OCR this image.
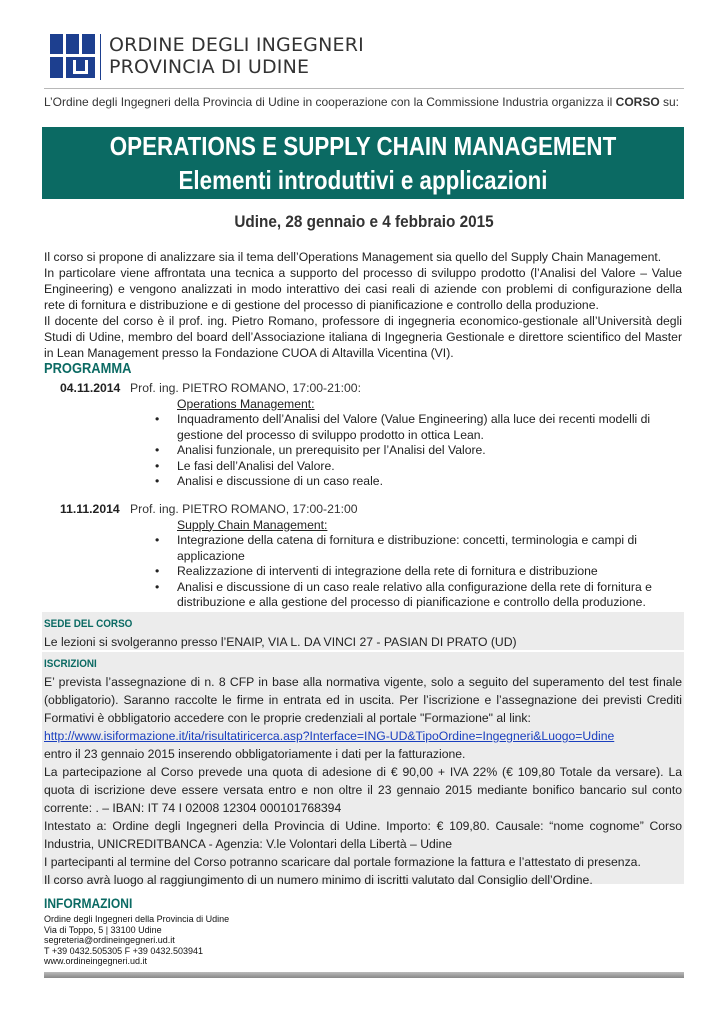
ORDINE DEGLI INGEGNERI
PROVINCIA DI UDINE
L’Ordine degli Ingegneri della Provincia di Udine in cooperazione con la Commissione Industria organizza il CORSO su:
OPERATIONS E SUPPLY CHAIN MANAGEMENT
Elementi introduttivi e applicazioni
Udine, 28 gennaio e 4 febbraio 2015

Il corso si propone di analizzare sia il tema dell’Operations Management sia quello del Supply Chain Management.

In particolare viene affrontata una tecnica a supporto del processo di sviluppo prodotto (l’Analisi del Valore – Value Engineering) e vengono analizzati in modo interattivo dei casi reali di aziende con problemi di configurazione della rete di fornitura e distribuzione e di gestione del processo di pianificazione e controllo della produzione.

Il docente del corso è il prof. ing. Pietro Romano, professore di ingegneria economico-gestionale all’Università degli Studi di Udine, membro del board dell’Associazione italiana di Ingegneria Gestionale e direttore scientifico del Master in Lean Management presso la Fondazione CUOA di Altavilla Vicentina (VI).

PROGRAMMA
04.11.2014 Prof. ing. PIETRO ROMANO, 17:00-21:00:
Operations Management:
• Inquadramento dell’Analisi del Valore (Value Engineering) alla luce dei recenti modelli di gestione del processo di sviluppo prodotto in ottica Lean.
• Analisi funzionale, un prerequisito per l’Analisi del Valore.
• Le fasi dell’Analisi del Valore.
• Analisi e discussione di un caso reale.
11.11.2014 Prof. ing. PIETRO ROMANO, 17:00-21:00
Supply Chain Management:
• Integrazione della catena di fornitura e distribuzione: concetti, terminologia e campi di applicazione
• Realizzazione di interventi di integrazione della rete di fornitura e distribuzione
• Analisi e discussione di un caso reale relativo alla configurazione della rete di fornitura e distribuzione e alla gestione del processo di pianificazione e controllo della produzione.
SEDE DEL CORSO

Le lezioni si svolgeranno presso l’ENAIP, VIA L. DA VINCI 27 - PASIAN DI PRATO (UD)

ISCRIZIONI

E’ prevista l’assegnazione di n. 8 CFP in base alla normativa vigente, solo a seguito del superamento del test finale (obbligatorio). Saranno raccolte le firme in entrata ed in uscita. Per l’iscrizione e l’assegnazione dei previsti Crediti Formativi è obbligatorio accedere con le proprie credenziali al portale "Formazione" al link:

http://www.isiformazione.it/ita/risultatiricerca.asp?Interface=ING-UD&TipoOrdine=Ingegneri&Luogo=Udine

entro il 23 gennaio 2015 inserendo obbligatoriamente i dati per la fatturazione.

La partecipazione al Corso prevede una quota di adesione di € 90,00 + IVA 22% (€ 109,80 Totale da versare). La quota di iscrizione deve essere versata entro e non oltre il 23 gennaio 2015 mediante bonifico bancario sul conto corrente: . – IBAN: IT 74 I 02008 12304 000101768394

Intestato a: Ordine degli Ingegneri della Provincia di Udine. Importo: € 109,80. Causale: “nome cognome” Corso Industria, UNICREDITBANCA - Agenzia: V.le Volontari della Libertà – Udine

I partecipanti al termine del Corso potranno scaricare dal portale formazione la fattura e l’attestato di presenza.

Il corso avrà luogo al raggiungimento di un numero minimo di iscritti valutato dal Consiglio dell’Ordine.

INFORMAZIONI
Ordine degli Ingegneri della Provincia di Udine
Via di Toppo, 5 | 33100 Udine
segreteria@ordineingegneri.ud.it
T +39 0432.505305 F +39 0432.503941
www.ordineingegneri.ud.it
